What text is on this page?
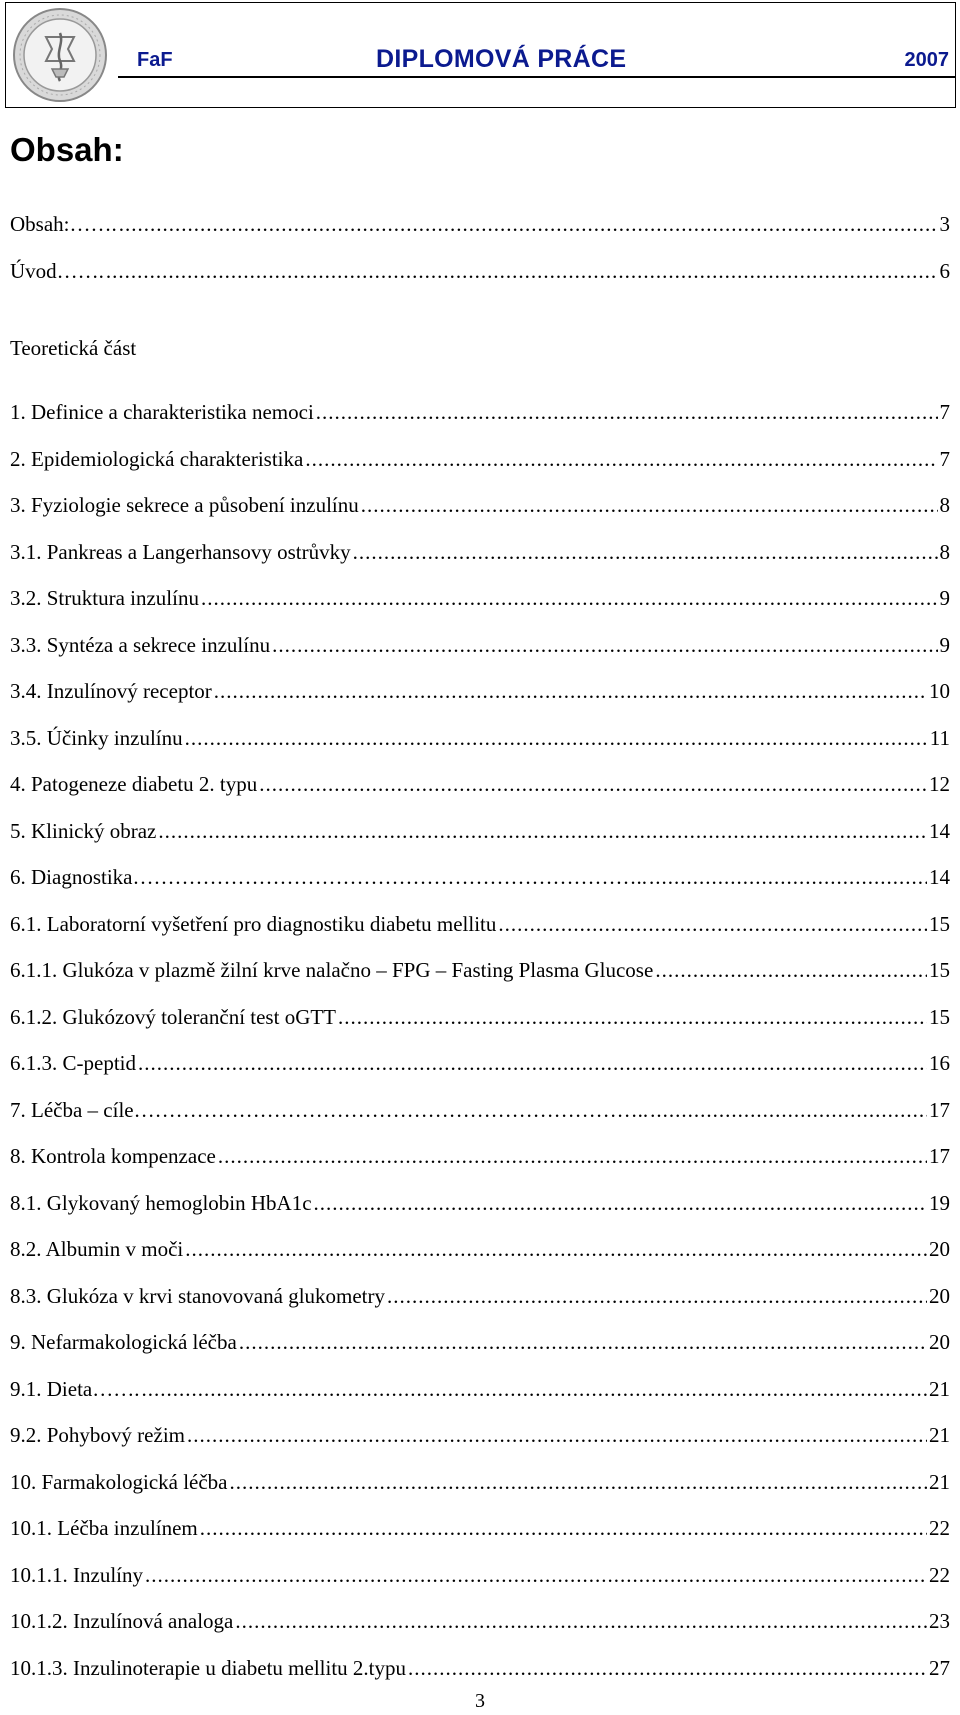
FaF	DIPLOMOVÁ PRÁCE	2007
Obsah:
Obsah:……. .....	3
Úvod……. .....	6
Teoretická část
1. Definice a charakteristika nemoci .....	7
2. Epidemiologická charakteristika .....	7
3. Fyziologie sekrece a působení inzulínu .....	8
3.1. Pankreas a Langerhansovy ostrůvky .....	8
3.2. Struktura inzulínu .....	9
3.3. Syntéza a sekrece inzulínu .....	9
3.4. Inzulínový receptor .....	10
3.5. Účinky inzulínu .....	11
4. Patogeneze diabetu 2. typu .....	12
5. Klinický obraz .....	14
6. Diagnostika……………………………………………………………….. .....	14
6.1. Laboratorní vyšetření pro diagnostiku diabetu mellitu .....	15
6.1.1. Glukóza v plazmě žilní krve nalačno – FPG – Fasting Plasma Glucose .....	15
6.1.2. Glukózový toleranční test oGTT .....	15
6.1.3. C-peptid .....	16
7. Léčba – cíle……………………………………………………………….. .....	17
8. Kontrola kompenzace .....	17
8.1. Glykovaný hemoglobin HbA1c .....	19
8.2. Albumin v moči .....	20
8.3. Glukóza v krvi stanovovaná glukometry .....	20
9. Nefarmakologická léčba .....	20
9.1. Dieta……. .....	21
9.2. Pohybový režim .....	21
10. Farmakologická léčba .....	21
10.1. Léčba inzulínem .....	22
10.1.1. Inzulíny .....	22
10.1.2. Inzulínová analoga .....	23
10.1.3. Inzulinoterapie u diabetu mellitu 2.typu .....	27
3
